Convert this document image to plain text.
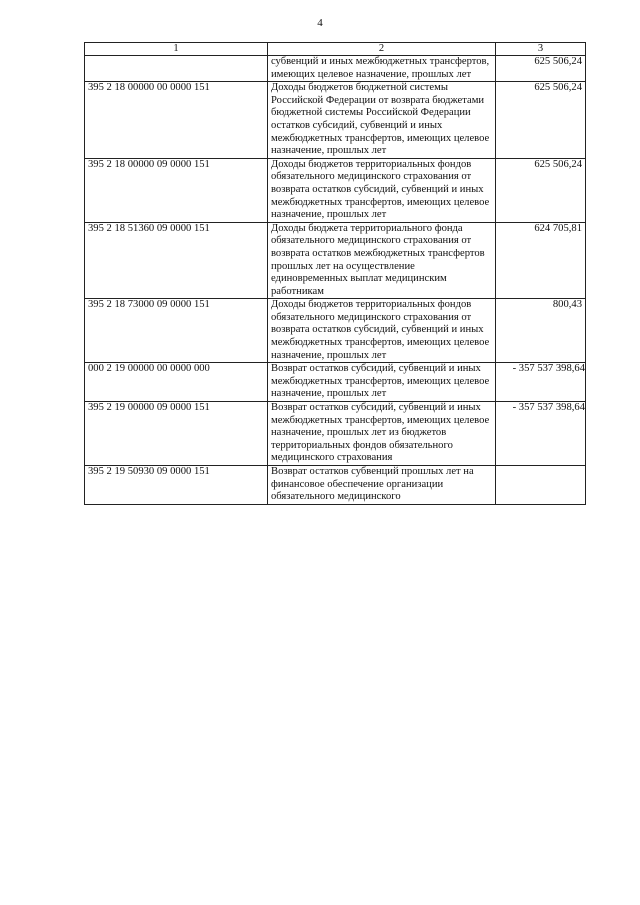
4
1	2	3
	субвенций и иных межбюджетных трансфертов, имеющих целевое назначение, прошлых лет	625 506,24
395 2 18 00000 00 0000 151	Доходы бюджетов бюджетной системы Российской Федерации от возврата бюджетами бюджетной системы Российской Федерации остатков субсидий, субвенций и иных межбюджетных трансфертов, имеющих целевое назначение, прошлых лет	625 506,24
395 2 18 00000 09 0000 151	Доходы бюджетов территориальных фондов обязательного медицинского страхования от возврата остатков субсидий, субвенций и иных межбюджетных трансфертов, имеющих целевое назначение, прошлых лет	625 506,24
395 2 18 51360 09 0000 151	Доходы бюджета территориального фонда обязательного медицинского страхования от возврата остатков межбюджетных трансфертов прошлых лет на осуществление единовременных выплат медицинским работникам	624 705,81
395 2 18 73000 09 0000 151	Доходы бюджетов территориальных фондов обязательного медицинского страхования от возврата остатков субсидий, субвенций и иных межбюджетных трансфертов, имеющих целевое назначение, прошлых лет	800,43
000 2 19 00000 00 0000 000	Возврат остатков субсидий, субвенций и иных межбюджетных трансфертов, имеющих целевое назначение, прошлых лет	- 357 537 398,64
395 2 19 00000 09 0000 151	Возврат остатков субсидий, субвенций и иных межбюджетных трансфертов, имеющих целевое назначение, прошлых лет из бюджетов территориальных фондов обязательного медицинского страхования	- 357 537 398,64
395 2 19 50930 09 0000 151	Возврат остатков субвенций прошлых лет на финансовое обеспечение организации обязательного медицинского	
